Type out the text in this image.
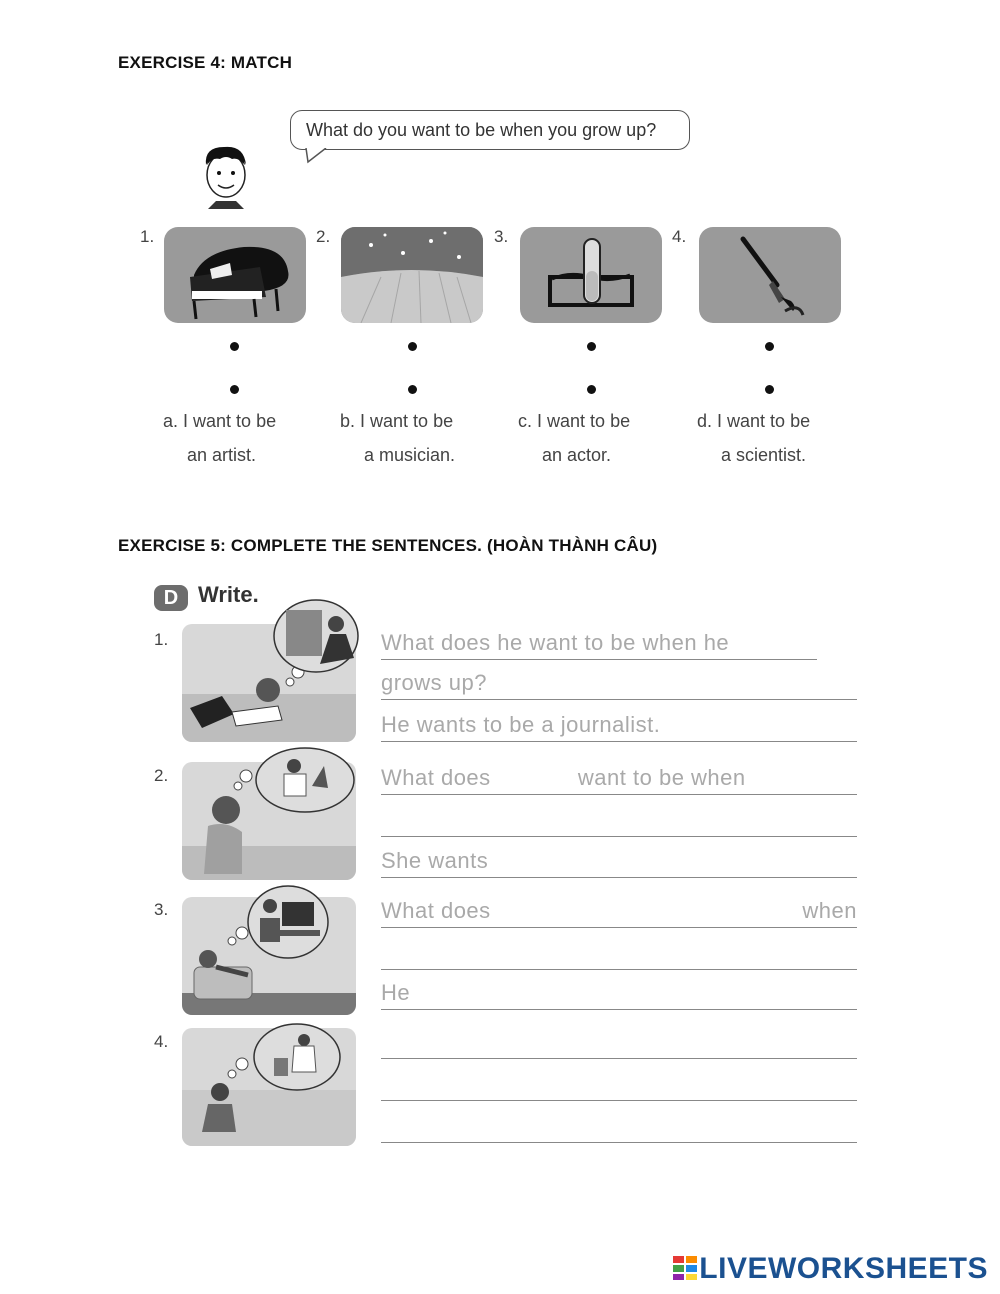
EXERCISE 4: MATCH
What do you want to be when you grow up?
1.	2.	3.	4.
a. I want to be
an artist.
b. I want to be
a musician.
c. I want to be
an actor.
d. I want to be
a scientist.
EXERCISE 5: COMPLETE THE SENTENCES. (HOÀN THÀNH CÂU)
D Write.
1.
2.
3.
4.
What does he want to be when he
grows up?
He wants to be a journalist.
What does	want to be when
She wants
What does	when
He
LIVEWORKSHEETS
